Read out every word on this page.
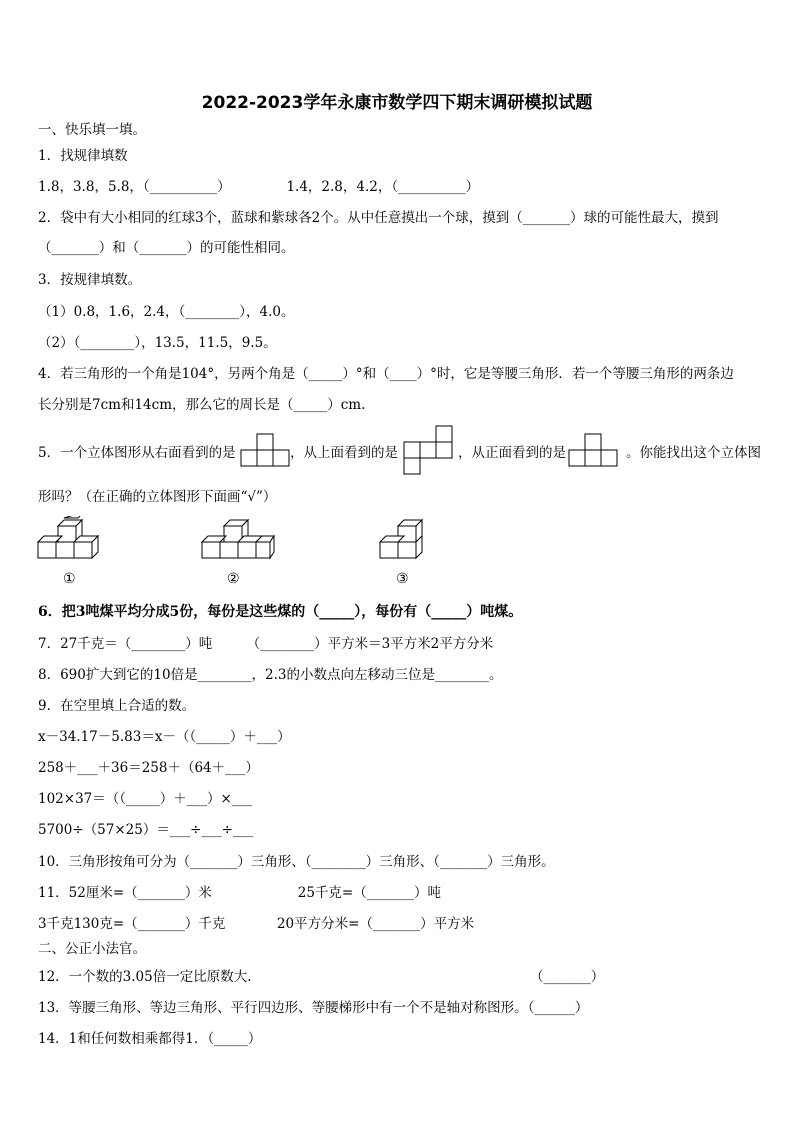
2022-2023学年永康市数学四下期末调研模拟试题
一、快乐填一填。
1．找规律填数
1.8，3.8，5.8，（__________）             1.4，2.8，4.2，（__________）
2．袋中有大小相同的红球3个，蓝球和紫球各2个。从中任意摸出一个球，摸到（_______）球的可能性最大，摸到
（_______）和（_______）的可能性相同。
3．按规律填数。
（1）0.8，1.6，2.4，（________），4.0。
（2）（________），13.5，11.5，9.5。
4．若三角形的一个角是104°，另两个角是（_____）°和（____）°时，它是等腰三角形．若一个等腰三角形的两条边
长分别是7cm和14cm，那么它的周长是（_____）cm.
5．一个立体图形从右面看到的是	，从上面看到的是	，从正面看到的是	。你能找出这个立体图
形吗？（在正确的立体图形下面画“√”）
①	②	③
6．把3吨煤平均分成5份，每份是这些煤的（_____），每份有（_____）吨煤。
7．27千克＝（________）吨        （________）平方米＝3平方米2平方分米
8．690扩大到它的10倍是________，2.3的小数点向左移动三位是________。
9．在空里填上合适的数。
x－34.17－5.83＝x－（（_____）＋___）
258＋___＋36＝258＋（64＋___）
102×37＝（（_____）＋___）×___
5700÷（57×25）＝___÷___÷___
10．三角形按角可分为（_______）三角形、（________）三角形、（_______）三角形。
11．52厘米=（_______）米                    25千克=（_______）吨
3千克130克=（_______）千克            20平方分米=（_______）平方米
二、公正小法官。
12．一个数的3.05倍一定比原数大.	（_______）
13．等腰三角形、等边三角形、平行四边形、等腰梯形中有一个不是轴对称图形。（______）
14．1和任何数相乘都得1．（_____）
